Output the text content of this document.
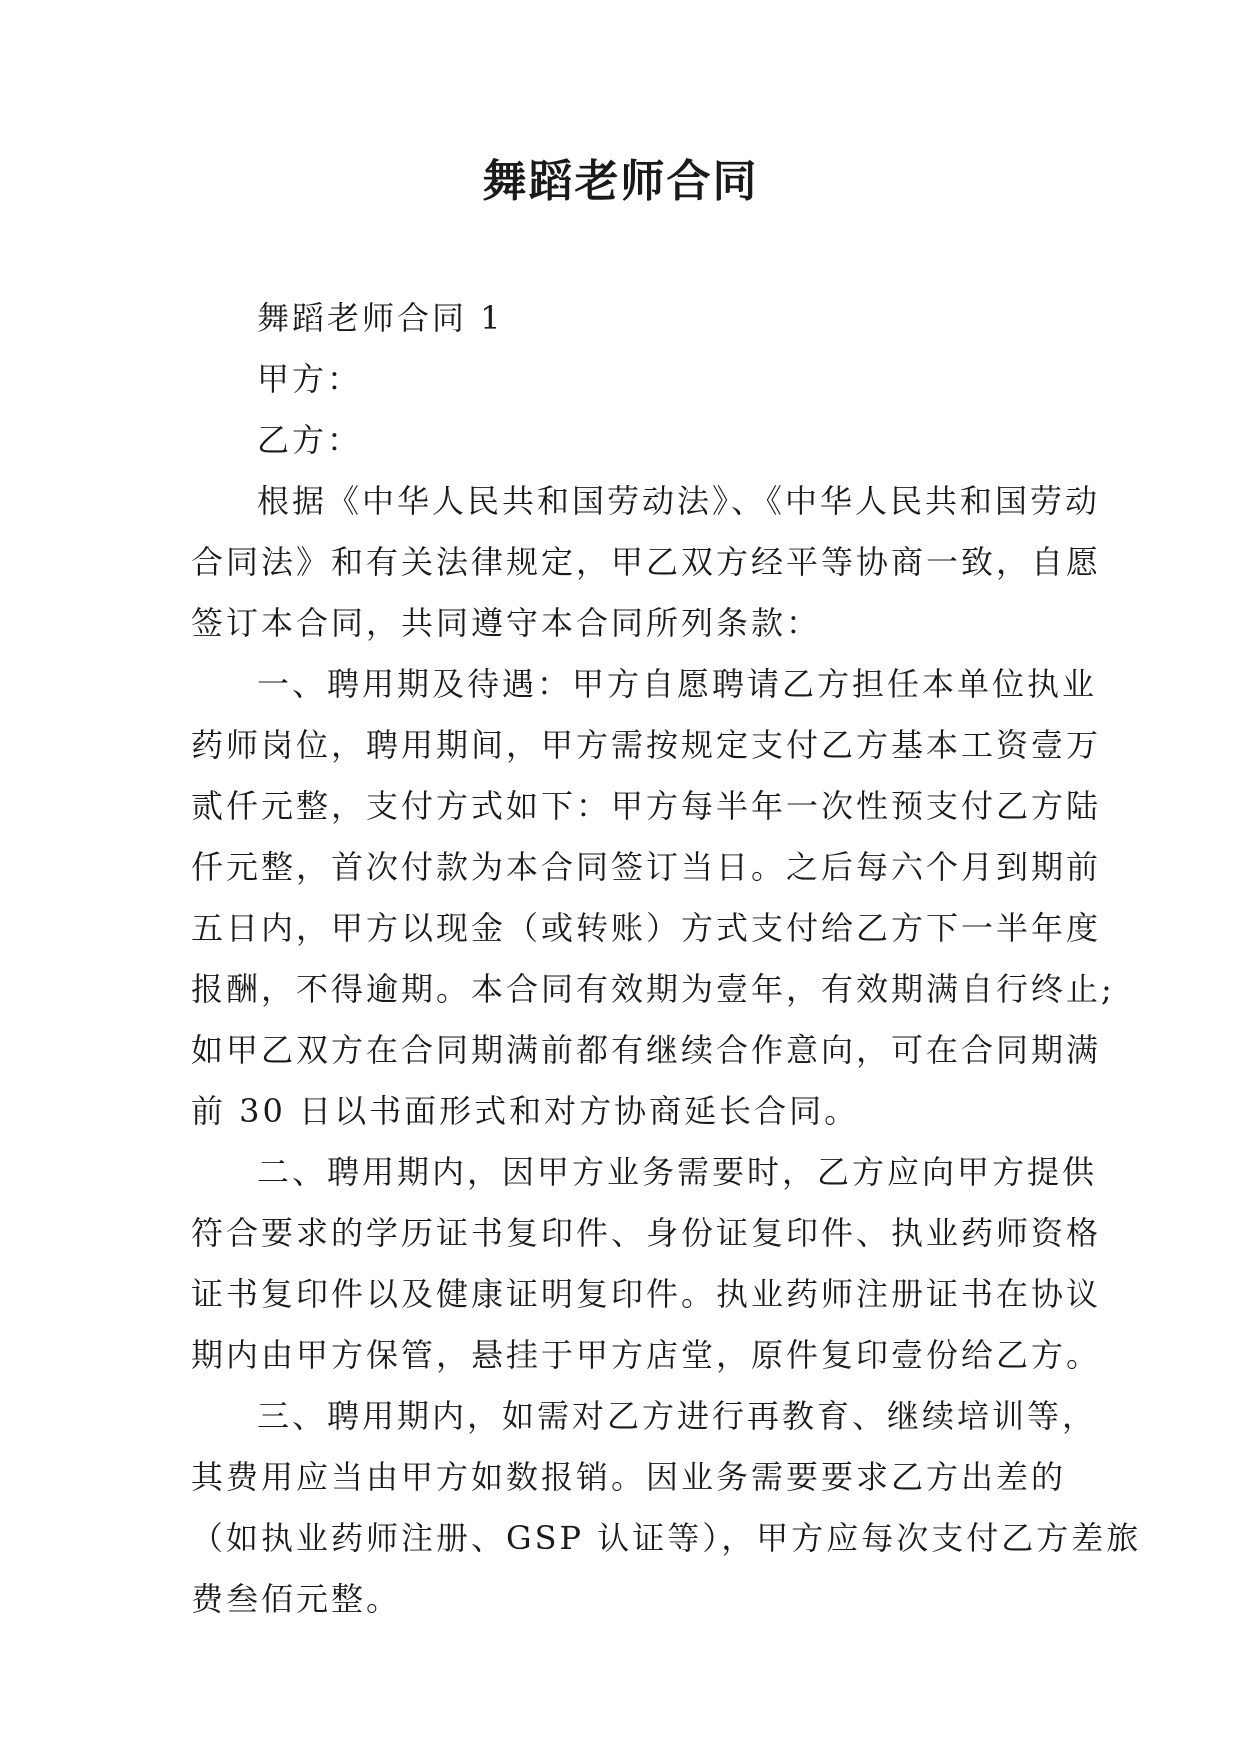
舞蹈老师合同
舞蹈老师合同 1
甲方：
乙方：
根据《中华人民共和国劳动法》、《中华人民共和国劳动
合同法》和有关法律规定，甲乙双方经平等协商一致，自愿
签订本合同，共同遵守本合同所列条款：
一、聘用期及待遇：甲方自愿聘请乙方担任本单位执业
药师岗位，聘用期间，甲方需按规定支付乙方基本工资壹万
贰仟元整，支付方式如下：甲方每半年一次性预支付乙方陆
仟元整，首次付款为本合同签订当日。之后每六个月到期前
五日内，甲方以现金（或转账）方式支付给乙方下一半年度
报酬，不得逾期。本合同有效期为壹年，有效期满自行终止;
如甲乙双方在合同期满前都有继续合作意向，可在合同期满
前 30 日以书面形式和对方协商延长合同。
二、聘用期内，因甲方业务需要时，乙方应向甲方提供
符合要求的学历证书复印件、身份证复印件、执业药师资格
证书复印件以及健康证明复印件。执业药师注册证书在协议
期内由甲方保管，悬挂于甲方店堂，原件复印壹份给乙方。
三、聘用期内，如需对乙方进行再教育、继续培训等，
其费用应当由甲方如数报销。因业务需要要求乙方出差的
（如执业药师注册、GSP 认证等），甲方应每次支付乙方差旅
费叁佰元整。
